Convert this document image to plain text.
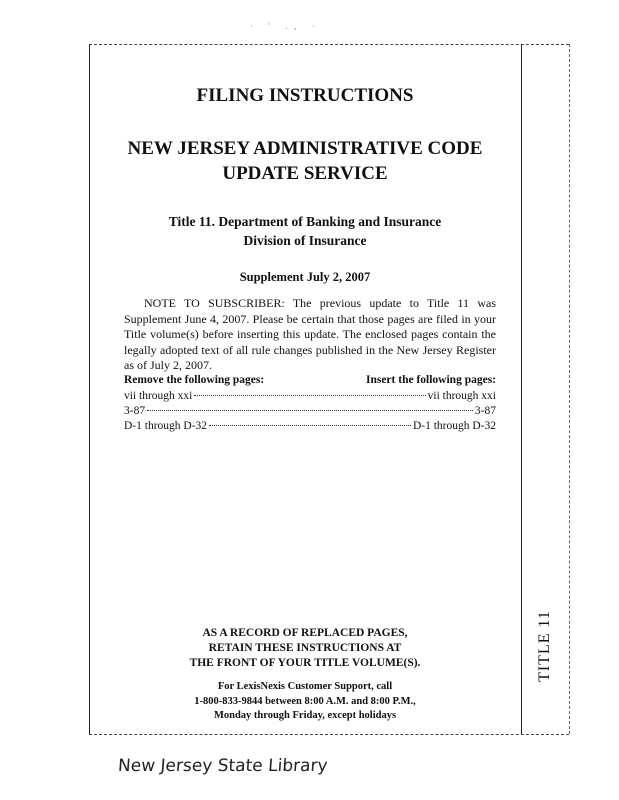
· ' ., ·
FILING INSTRUCTIONS
NEW JERSEY ADMINISTRATIVE CODE
UPDATE SERVICE
Title 11. Department of Banking and Insurance
Division of Insurance
Supplement July 2, 2007
NOTE TO SUBSCRIBER: The previous update to Title 11 was Supplement June 4, 2007. Please be certain that those pages are filed in your Title volume(s) before inserting this update. The enclosed pages contain the legally adopted text of all rule changes published in the New Jersey Register as of July 2, 2007.
Remove the following pages:	Insert the following pages:
vii through xxi	vii through xxi
3-87	3-87
D-1 through D-32	D-1 through D-32
AS A RECORD OF REPLACED PAGES,
RETAIN THESE INSTRUCTIONS AT
THE FRONT OF YOUR TITLE VOLUME(S).
For LexisNexis Customer Support, call
1-800-833-9844 between 8:00 A.M. and 8:00 P.M.,
Monday through Friday, except holidays
TITLE 11
New Jersey State Library
